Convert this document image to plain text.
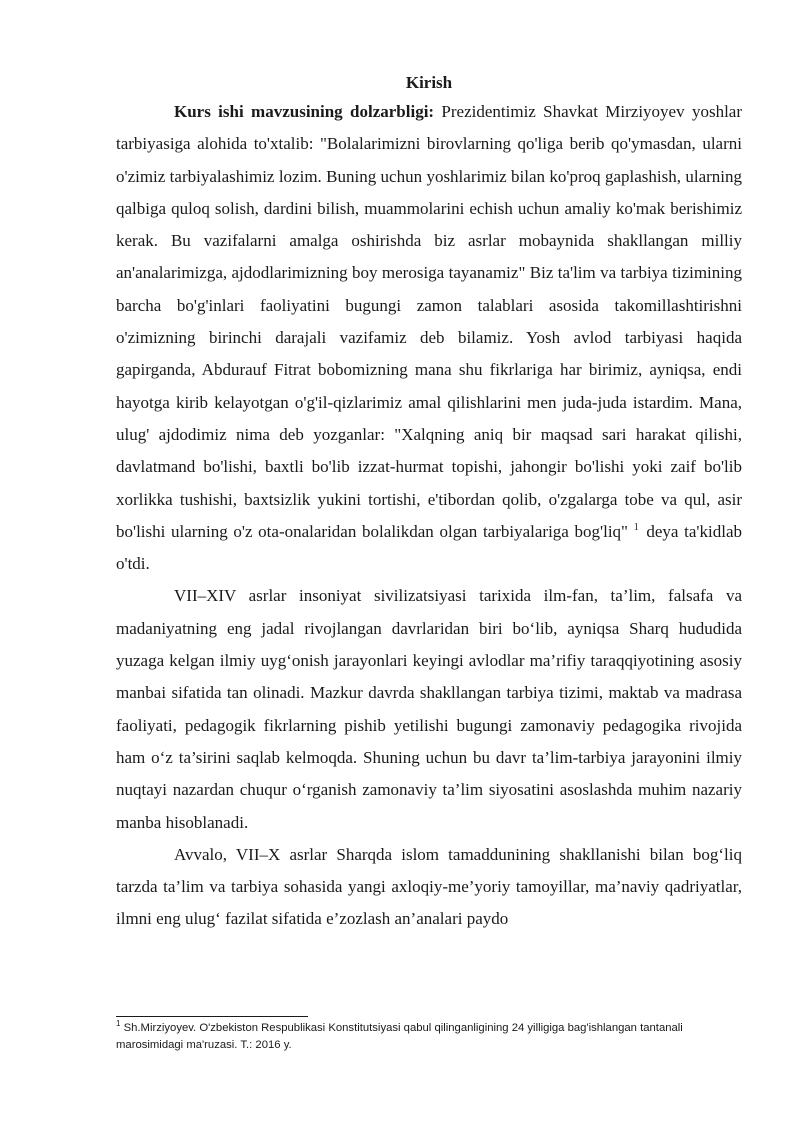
Kirish

Kurs ishi mavzusining dolzarbligi: Prezidentimiz Shavkat Mirziyoyev yoshlar tarbiyasiga alohida to'xtalib: "Bolalarimizni birovlarning qo'liga berib qo'ymasdan, ularni o'zimiz tarbiyalashimiz lozim. Buning uchun yoshlarimiz bilan ko'proq gaplashish, ularning qalbiga quloq solish, dardini bilish, muammolarini echish uchun amaliy ko'mak berishimiz kerak. Bu vazifalarni amalga oshirishda biz asrlar mobaynida shakllangan milliy an'analarimizga, ajdodlarimizning boy merosiga tayanamiz" Biz ta'lim va tarbiya tizimining barcha bo'g'inlari faoliyatini bugungi zamon talablari asosida takomillashtirishni o'zimizning birinchi darajali vazifamiz deb bilamiz. Yosh avlod tarbiyasi haqida gapirganda, Abdurauf Fitrat bobomizning mana shu fikrlariga har birimiz, ayniqsa, endi hayotga kirib kelayotgan o'g'il-qizlarimiz amal qilishlarini men juda-juda istardim. Mana, ulug' ajdodimiz nima deb yozganlar: "Xalqning aniq bir maqsad sari harakat qilishi, davlatmand bo'lishi, baxtli bo'lib izzat-hurmat topishi, jahongir bo'lishi yoki zaif bo'lib xorlikka tushishi, baxtsizlik yukini tortishi, e'tibordan qolib, o'zgalarga tobe va qul, asir bo'lishi ularning o'z ota-onalaridan bolalikdan olgan tarbiyalariga bog'liq" $^1$ deya ta'kidlab o'tdi.

VII–XIV asrlar insoniyat sivilizatsiyasi tarixida ilm-fan, ta’lim, falsafa va madaniyatning eng jadal rivojlangan davrlaridan biri bo‘lib, ayniqsa Sharq hududida yuzaga kelgan ilmiy uyg‘onish jarayonlari keyingi avlodlar ma’rifiy taraqqiyotining asosiy manbai sifatida tan olinadi. Mazkur davrda shakllangan tarbiya tizimi, maktab va madrasa faoliyati, pedagogik fikrlarning pishib yetilishi bugungi zamonaviy pedagogika rivojida ham o‘z ta’sirini saqlab kelmoqda. Shuning uchun bu davr ta’lim-tarbiya jarayonini ilmiy nuqtayi nazardan chuqur o‘rganish zamonaviy ta’lim siyosatini asoslashda muhim nazariy manba hisoblanadi.

Avvalo, VII–X asrlar Sharqda islom tamaddunining shakllanishi bilan bog‘liq tarzda ta’lim va tarbiya sohasida yangi axloqiy-me’yoriy tamoyillar, ma’naviy qadriyatlar, ilmni eng ulug‘ fazilat sifatida e’zozlash an’analari paydo

$^1$ Sh.Mirziyoyev. O'zbekiston Respublikasi Konstitutsiyasi qabul qilinganligining 24 yilligiga bag'ishlangan tantanali marosimidagi ma'ruzasi. T.: 2016 y.
